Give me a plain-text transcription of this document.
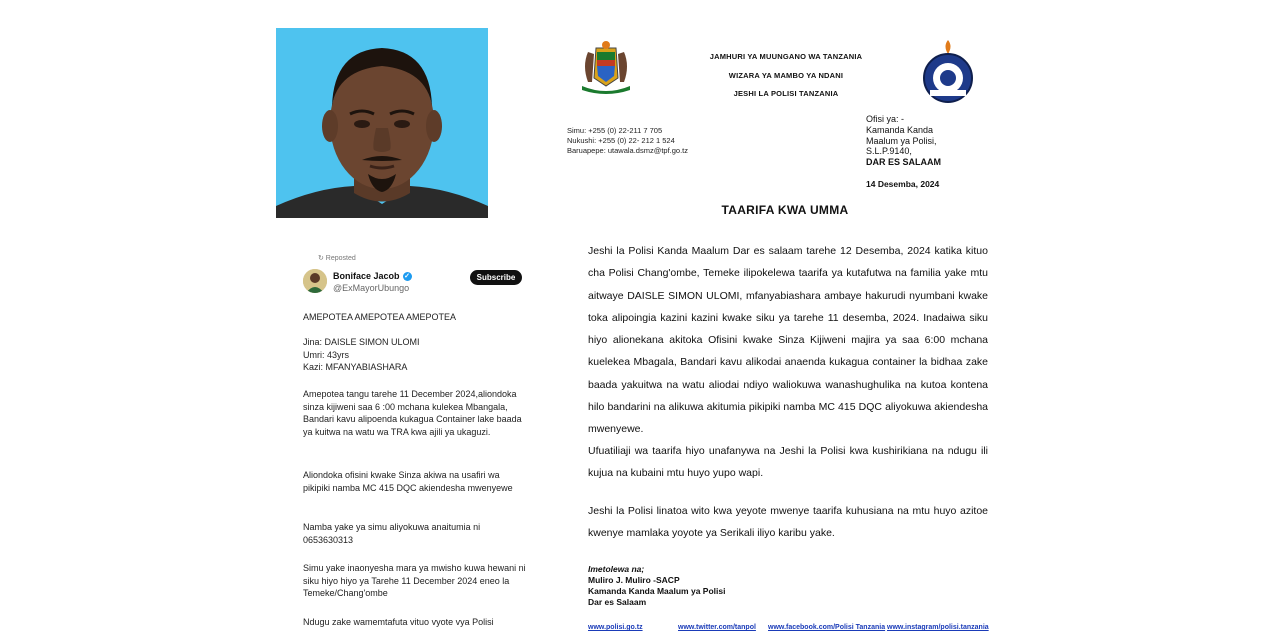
↻ Reposted
Boniface Jacob ✓
@ExMayorUbungo
Subscribe
AMEPOTEA AMEPOTEA AMEPOTEA
Jina: DAISLE SIMON ULOMI
Umri: 43yrs
Kazi: MFANYABIASHARA
Amepotea tangu tarehe 11 December 2024,aliondoka sinza kijiweni saa 6 :00 mchana kulekea Mbangala, Bandari kavu alipoenda kukagua Container lake baada ya kuitwa na watu wa TRA kwa ajili ya ukaguzi.
Aliondoka ofisini kwake Sinza akiwa na usafiri wa pikipiki namba MC 415 DQC akiendesha mwenyewe
Namba yake ya simu aliyokuwa anaitumia ni 0653630313
Simu yake inaonyesha mara ya mwisho kuwa hewani ni siku hiyo hiyo ya Tarehe 11 December 2024 eneo la Temeke/Chang'ombe
Ndugu zake wamemtafuta vituo vyote vya Polisi
JAMHURI YA MUUNGANO WA TANZANIA
WIZARA YA MAMBO YA NDANI
JESHI LA POLISI TANZANIA
Simu: +255 (0) 22-211 7 705
Nukushi: +255 (0) 22- 212 1 524
Baruapepe: utawala.dsmz@tpf.go.tz
Ofisi ya: -
Kamanda Kanda
Maalum ya Polisi,
S.L.P.9140,
DAR ES SALAAM
14 Desemba, 2024
TAARIFA KWA UMMA
Jeshi la Polisi Kanda Maalum Dar es salaam tarehe 12 Desemba, 2024 katika kituo cha Polisi Chang'ombe, Temeke ilipokelewa taarifa ya kutafutwa na familia yake mtu aitwaye DAISLE SIMON ULOMI, mfanyabiashara ambaye hakurudi nyumbani kwake toka alipoingia kazini kazini kwake siku ya tarehe 11 desemba, 2024. Inadaiwa siku hiyo alionekana akitoka Ofisini kwake Sinza Kijiweni majira ya saa 6:00 mchana kuelekea Mbagala, Bandari kavu alikodai anaenda kukagua container la bidhaa zake baada yakuitwa na watu aliodai ndiyo waliokuwa wanashughulika na kutoa kontena hilo bandarini na alikuwa akitumia pikipiki namba MC 415 DQC aliyokuwa akiendesha mwenyewe.
Ufuatiliaji wa taarifa hiyo unafanywa na Jeshi la Polisi kwa kushirikiana na ndugu ili kujua na kubaini mtu huyo yupo wapi.
Jeshi la Polisi linatoa wito kwa yeyote mwenye taarifa kuhusiana na mtu huyo azitoe kwenye mamlaka yoyote ya Serikali iliyo karibu yake.
Imetolewa na;
Muliro J. Muliro -SACP
Kamanda Kanda Maalum ya Polisi
Dar es Salaam
www.polisi.go.tz	www.twitter.com/tanpol www.facebook.com/Polisi Tanzania www.instagram/polisi.tanzania
